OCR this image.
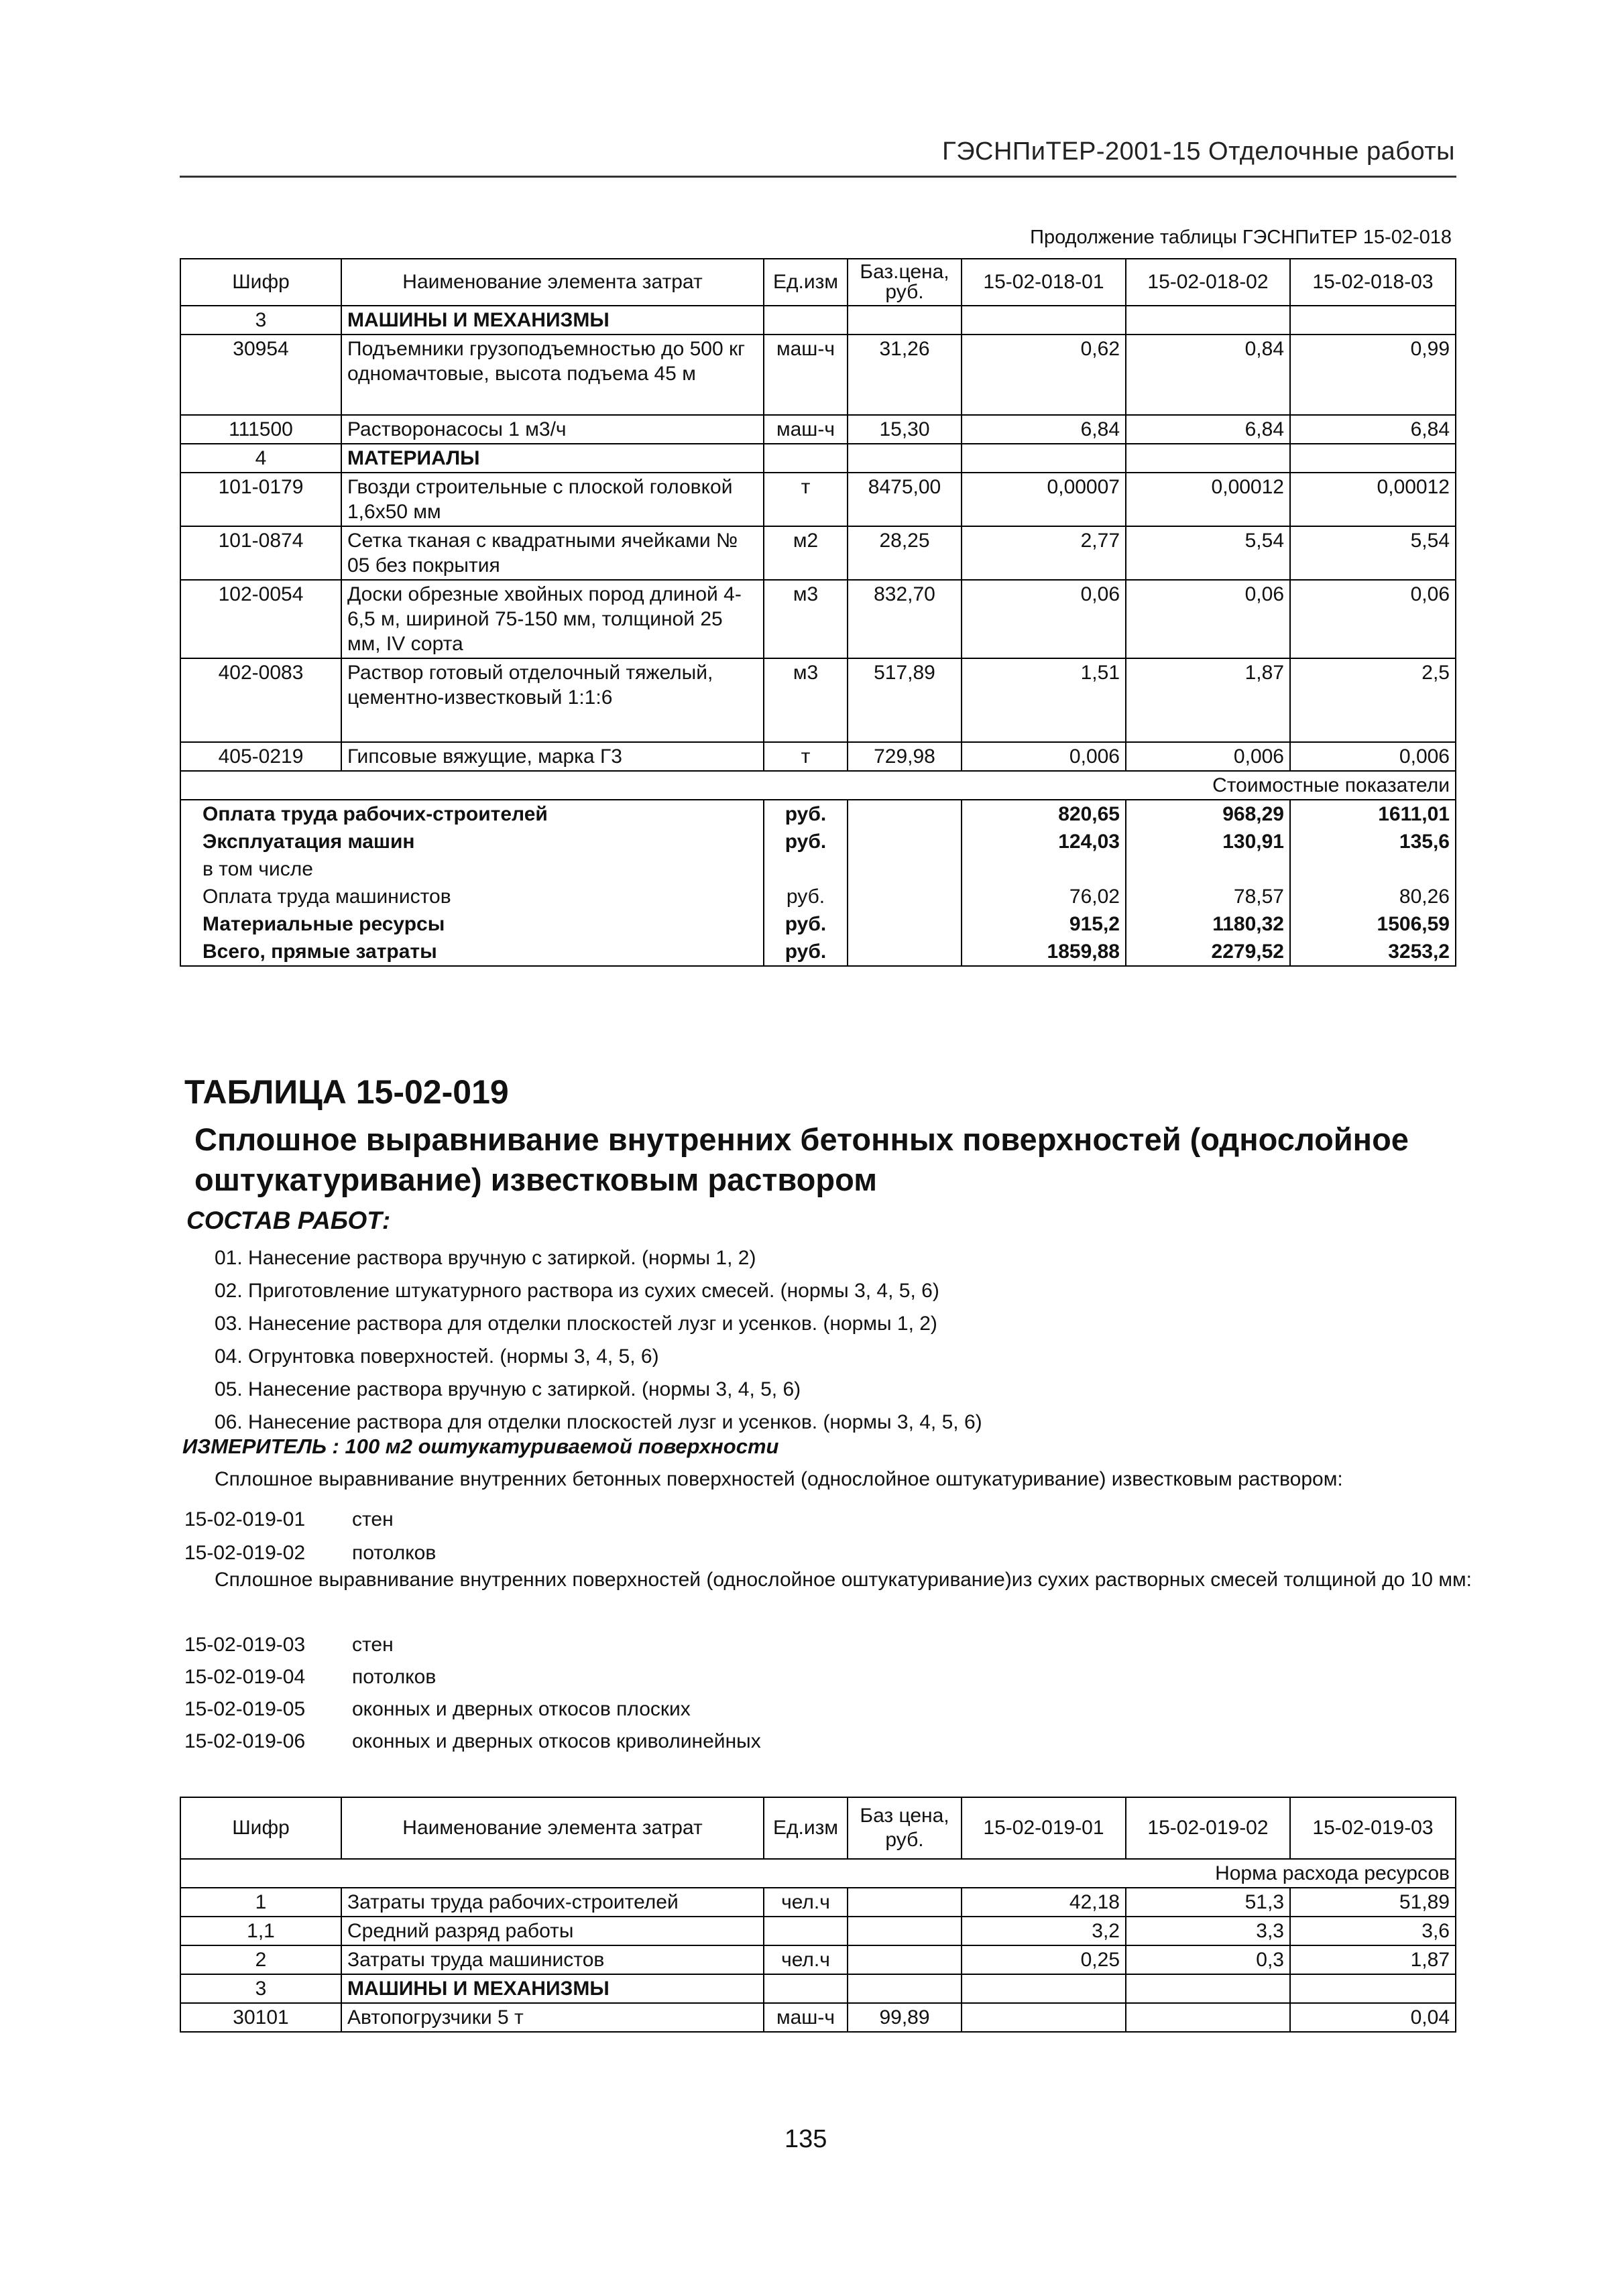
ГЭСНПиТЕР-2001-15 Отделочные работы
Продолжение таблицы ГЭСНПиТЕР 15-02-018
Шифр	Наименование элемента затрат	Ед.изм	Баз.цена, руб.	15-02-018-01	15-02-018-02	15-02-018-03
3	МАШИНЫ И МЕХАНИЗМЫ					
30954	Подъемники грузоподъемностью до 500 кг одномачтовые, высота подъема 45 м	маш-ч	31,26	0,62	0,84	0,99
111500	Растворонасосы 1 м3/ч	маш-ч	15,30	6,84	6,84	6,84
4	МАТЕРИАЛЫ					
101-0179	Гвозди строительные с плоской головкой 1,6х50 мм	т	8475,00	0,00007	0,00012	0,00012
101-0874	Сетка тканая с квадратными ячейками № 05 без покрытия	м2	28,25	2,77	5,54	5,54
102-0054	Доски обрезные хвойных пород длиной 4-6,5 м, шириной 75-150 мм, толщиной 25 мм, IV сорта	м3	832,70	0,06	0,06	0,06
402-0083	Раствор готовый отделочный тяжелый, цементно-известковый 1:1:6	м3	517,89	1,51	1,87	2,5
405-0219	Гипсовые вяжущие, марка Г3	т	729,98	0,006	0,006	0,006
Стоимостные показатели						
Оплата труда рабочих-строителей		руб.		820,65	968,29	1611,01
Эксплуатация машин		руб.		124,03	130,91	135,6
в том числе						
Оплата труда машинистов		руб.		76,02	78,57	80,26
Материальные ресурсы		руб.		915,2	1180,32	1506,59
Всего, прямые затраты		руб.		1859,88	2279,52	3253,2
ТАБЛИЦА 15-02-019
Сплошное выравнивание внутренних бетонных поверхностей (однослойное оштукатуривание) известковым раствором
СОСТАВ РАБОТ:
01. Нанесение раствора вручную с затиркой. (нормы 1, 2)
02. Приготовление штукатурного раствора из сухих смесей. (нормы 3, 4, 5, 6)
03. Нанесение раствора для отделки плоскостей лузг и усенков. (нормы 1, 2)
04. Огрунтовка поверхностей. (нормы 3, 4, 5, 6)
05. Нанесение раствора вручную с затиркой. (нормы 3, 4, 5, 6)
06. Нанесение раствора для отделки плоскостей лузг и усенков. (нормы 3, 4, 5, 6)
ИЗМЕРИТЕЛЬ : 100 м2 оштукатуриваемой поверхности
Сплошное выравнивание внутренних бетонных поверхностей (однослойное оштукатуривание) известковым раствором:
15-02-019-01 стен
15-02-019-02 потолков
Сплошное выравнивание внутренних поверхностей (однослойное оштукатуривание)из сухих растворных смесей толщиной до 10 мм:
15-02-019-03 стен
15-02-019-04 потолков
15-02-019-05 оконных и дверных откосов плоских
15-02-019-06 оконных и дверных откосов криволинейных
Шифр	Наименование элемента затрат	Ед.изм	Баз цена, руб.	15-02-019-01	15-02-019-02	15-02-019-03
Норма расхода ресурсов						
1	Затраты труда рабочих-строителей	чел.ч		42,18	51,3	51,89
1,1	Средний разряд работы			3,2	3,3	3,6
2	Затраты труда машинистов	чел.ч		0,25	0,3	1,87
3	МАШИНЫ И МЕХАНИЗМЫ					
30101	Автопогрузчики 5 т	маш-ч	99,89			0,04
135
